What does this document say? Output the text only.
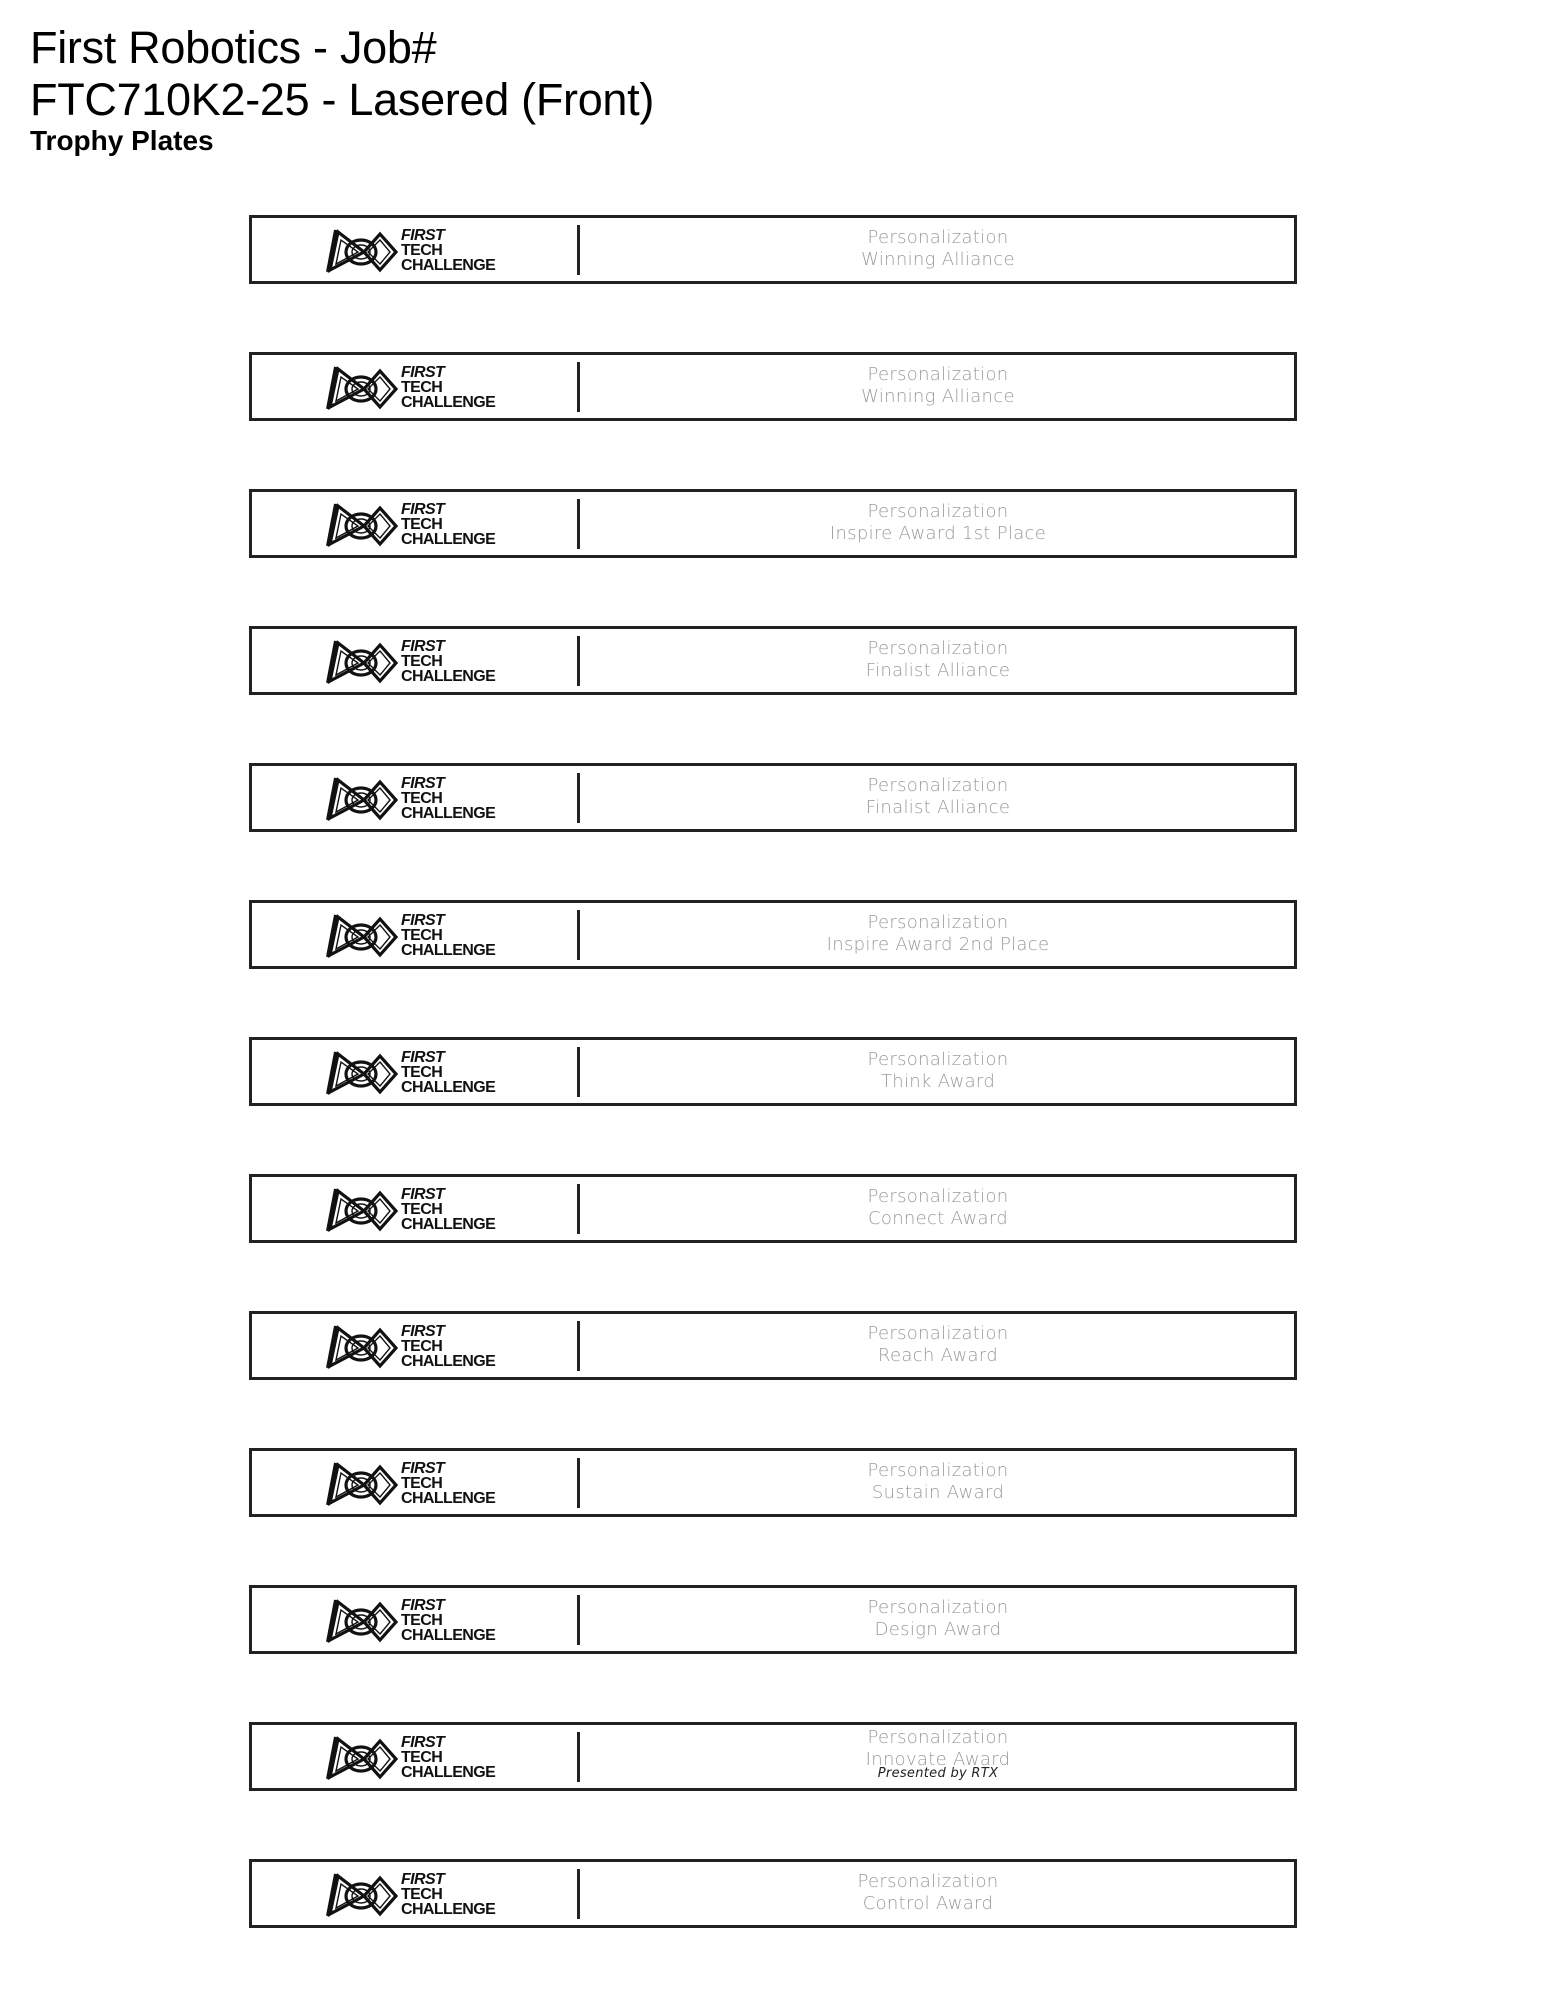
First Robotics - Job#
FTC710K2-25 - Lasered (Front)
Trophy Plates
FIRST
TECH
CHALLENGE
Personalization
Winning Alliance
FIRST
TECH
CHALLENGE
Personalization
Winning Alliance
FIRST
TECH
CHALLENGE
Personalization
Inspire Award 1st Place
FIRST
TECH
CHALLENGE
Personalization
Finalist Alliance
FIRST
TECH
CHALLENGE
Personalization
Finalist Alliance
FIRST
TECH
CHALLENGE
Personalization
Inspire Award 2nd Place
FIRST
TECH
CHALLENGE
Personalization
Think Award
FIRST
TECH
CHALLENGE
Personalization
Connect Award
FIRST
TECH
CHALLENGE
Personalization
Reach Award
FIRST
TECH
CHALLENGE
Personalization
Sustain Award
FIRST
TECH
CHALLENGE
Personalization
Design Award
FIRST
TECH
CHALLENGE
Personalization
Innovate Award
Presented by RTX
FIRST
TECH
CHALLENGE
Personalization
Control Award
